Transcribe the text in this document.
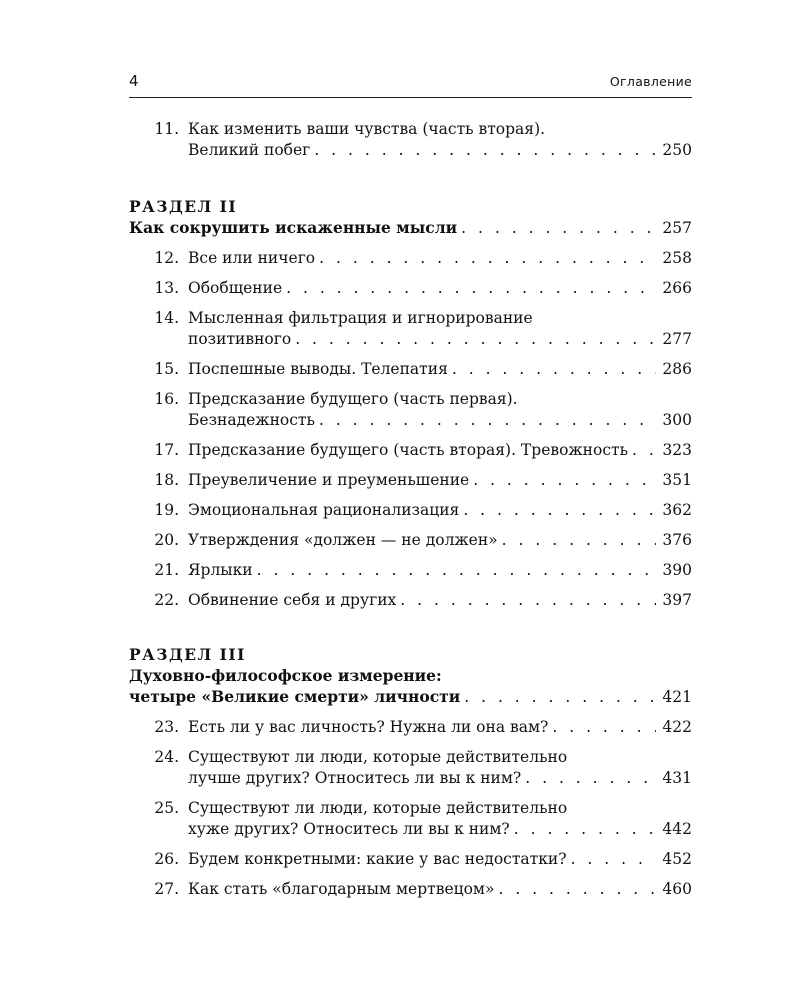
4	Оглавление
11. Как изменить ваши чувства (часть вторая).
Великий побег . . .	250
РАЗДЕЛ II
Как сокрушить искаженные мысли . . .	257
12. Все или ничего . . .	258
13. Обобщение . . .	266
14. Мысленная фильтрация и игнорирование
позитивного . . .	277
15. Поспешные выводы. Телепатия . . .	286
16. Предсказание будущего (часть первая).
Безнадежность . . .	300
17. Предсказание будущего (часть вторая). Тревожность . . . 323
18. Преувеличение и преуменьшение . . .	351
19. Эмоциональная рационализация . . .	362
20. Утверждения «должен — не должен» . . .	376
21. Ярлыки . . .	390
22. Обвинение себя и других . . .	397
РАЗДЕЛ III
Духовно-философское измерение:
четыре «Великие смерти» личности . . .	421
23. Есть ли у вас личность? Нужна ли она вам? . . .	422
24. Существуют ли люди, которые действительно
лучше других? Относитесь ли вы к ним? . . .	431
25. Существуют ли люди, которые действительно
хуже других? Относитесь ли вы к ним? . . .	442
26. Будем конкретными: какие у вас недостатки? . . .	452
27. Как стать «благодарным мертвецом» . . .	460
